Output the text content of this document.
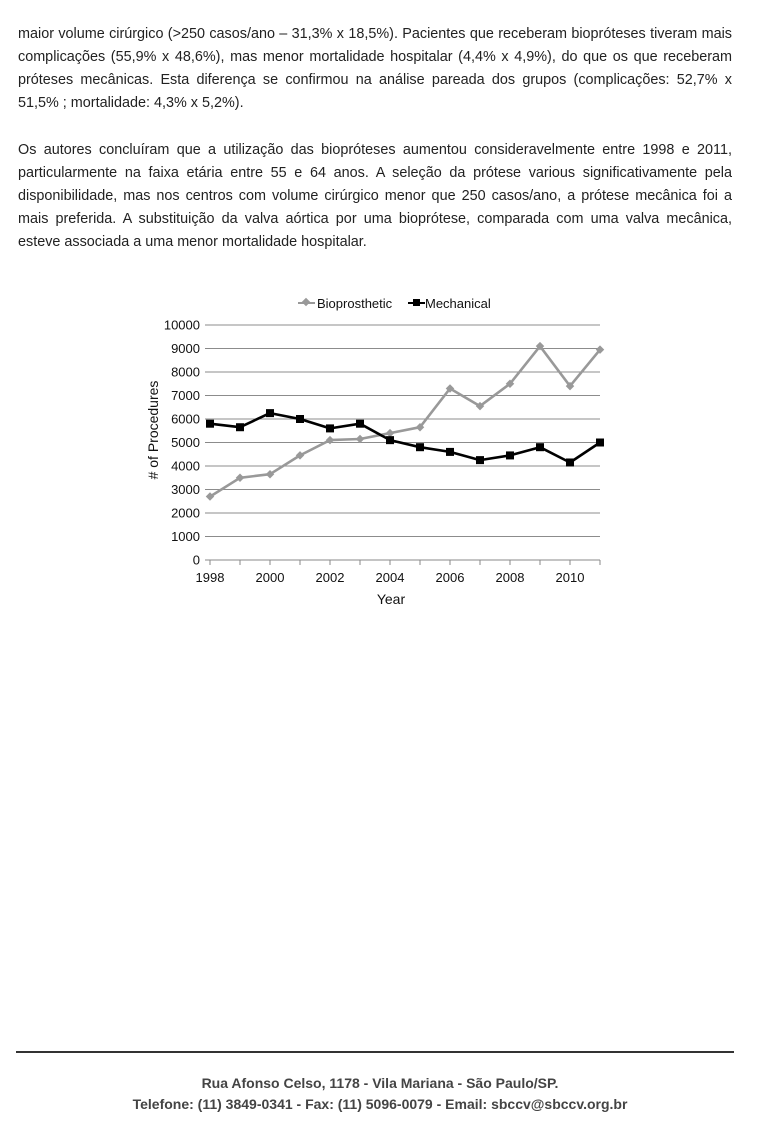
maior volume cirúrgico (>250 casos/ano – 31,3% x 18,5%). Pacientes que receberam biopróteses tiveram mais complicações (55,9% x 48,6%), mas menor mortalidade hospitalar (4,4% x 4,9%), do que os que receberam próteses mecânicas. Esta diferença se confirmou na análise pareada dos grupos (complicações: 52,7% x 51,5% ; mortalidade: 4,3% x 5,2%).

Os autores concluíram que a utilização das biopróteses aumentou consideravelmente entre 1998 e 2011, particularmente na faixa etária entre 55 e 64 anos. A seleção da prótese various significativamente pela disponibilidade, mas nos centros com volume cirúrgico menor que 250 casos/ano, a prótese mecânica foi a mais preferida. A substituição da valva aórtica por uma bioprótese, comparada com uma valva mecânica, esteve associada a uma menor mortalidade hospitalar.

0
1000
2000
3000
4000
5000
6000
7000
8000
9000
10000
1998 2000 2002 2004 2006 2008 2010
# of Procedures
Year
Bioprosthetic	Mechanical
Rua Afonso Celso, 1178 - Vila Mariana - São Paulo/SP.
Telefone: (11) 3849-0341 - Fax: (11) 5096-0079 - Email: sbccv@sbccv.org.br
